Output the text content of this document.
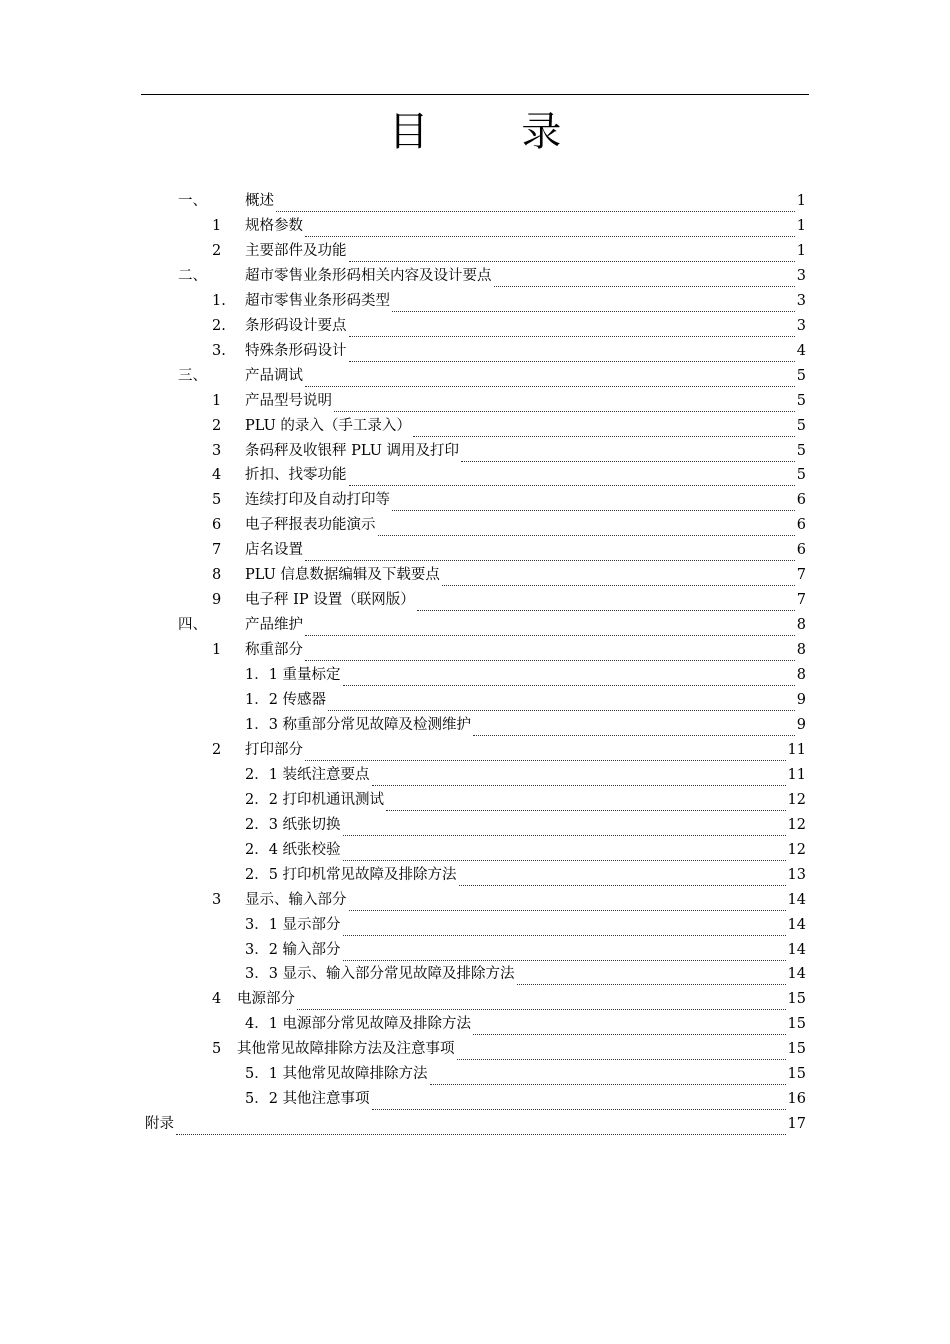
目 录
一、	概述	1
1 规格参数	1
2 主要部件及功能	1
二、	超市零售业条形码相关内容及设计要点	3
1. 超市零售业条形码类型	3
2. 条形码设计要点	3
3. 特殊条形码设计	4
三、	产品调试	5
1 产品型号说明	5
2 PLU 的录入（手工录入）	5
3 条码秤及收银秤 PLU 调用及打印	5
4 折扣、找零功能	5
5 连续打印及自动打印等	6
6 电子秤报表功能演示	6
7 店名设置	6
8 PLU 信息数据编辑及下载要点	7
9 电子秤 IP 设置（联网版）	7
四、	产品维护	8
1 称重部分	8
1．1 重量标定	8
1．2 传感器	9
1．3 称重部分常见故障及检测维护	9
2 打印部分	11
2．1 装纸注意要点	11
2．2 打印机通讯测试	12
2．3 纸张切换	12
2．4 纸张校验	12
2．5 打印机常见故障及排除方法	13
3 显示、输入部分	14
3．1 显示部分	14
3．2 输入部分	14
3．3 显示、输入部分常见故障及排除方法	14
4 电源部分	15
4．1 电源部分常见故障及排除方法	15
5 其他常见故障排除方法及注意事项	15
5．1 其他常见故障排除方法	15
5．2 其他注意事项	16
附录	17
